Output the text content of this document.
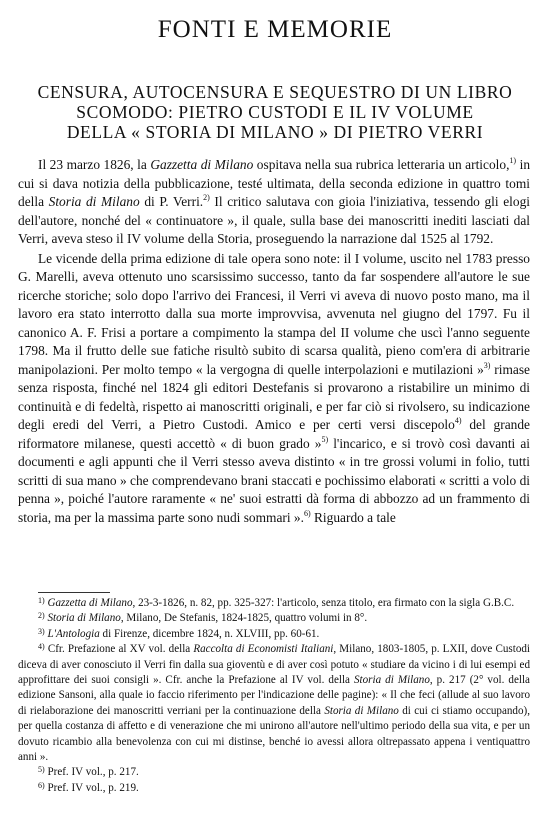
FONTI E MEMORIE
CENSURA, AUTOCENSURA E SEQUESTRO DI UN LIBRO
SCOMODO: PIETRO CUSTODI E IL IV VOLUME
DELLA « STORIA DI MILANO » DI PIETRO VERRI

Il 23 marzo 1826, la Gazzetta di Milano ospitava nella sua rubrica letteraria un articolo,$^{1)}$ in cui si dava notizia della pubblicazione, testé ultimata, della seconda edizione in quattro tomi della Storia di Milano di P. Verri.$^{2)}$ Il critico salutava con gioia l'iniziativa, tessendo gli elogi dell'autore, nonché del « continuatore », il quale, sulla base dei manoscritti inediti lasciati dal Verri, aveva steso il IV volume della Storia, proseguendo la narrazione dal 1525 al 1792.

Le vicende della prima edizione di tale opera sono note: il I volume, uscito nel 1783 presso G. Marelli, aveva ottenuto uno scarsissimo successo, tanto da far sospendere all'autore le sue ricerche storiche; solo dopo l'arrivo dei Francesi, il Verri vi aveva di nuovo posto mano, ma il lavoro era stato interrotto dalla sua morte improvvisa, avvenuta nel giugno del 1797. Fu il canonico A. F. Frisi a portare a compimento la stampa del II volume che uscì l'anno seguente 1798. Ma il frutto delle sue fatiche risultò subito di scarsa qualità, pieno com'era di arbitrarie manipolazioni. Per molto tempo « la vergogna di quelle interpolazioni e mutilazioni »$^{3)}$ rimase senza risposta, finché nel 1824 gli editori Destefanis si provarono a ristabilire un minimo di continuità e di fedeltà, rispetto ai manoscritti originali, e per far ciò si rivolsero, su indicazione degli eredi del Verri, a Pietro Custodi. Amico e per certi versi discepolo$^{4)}$ del grande riformatore milanese, questi accettò « di buon grado »$^{5)}$ l'incarico, e si trovò così davanti ai documenti e agli appunti che il Verri stesso aveva distinto « in tre grossi volumi in folio, tutti scritti di sua mano » che comprendevano brani staccati e pochissimo elaborati « scritti a volo di penna », poiché l'autore raramente « ne' suoi estratti dà forma di abbozzo ad un frammento di storia, ma per la massima parte sono nudi sommari ».$^{6)}$ Riguardo a tale

$^{1)}$ Gazzetta di Milano, 23-3-1826, n. 82, pp. 325-327: l'articolo, senza titolo, era firmato con la sigla G.B.C.

$^{2)}$ Storia di Milano, Milano, De Stefanis, 1824-1825, quattro volumi in 8°.

$^{3)}$ L'Antologia di Firenze, dicembre 1824, n. XLVIII, pp. 60-61.

$^{4)}$ Cfr. Prefazione al XV vol. della Raccolta di Economisti Italiani, Milano, 1803-1805, p. LXII, dove Custodi diceva di aver conosciuto il Verri fin dalla sua gioventù e di aver così potuto « studiare da vicino i di lui esempi ed approfittare dei suoi consigli ». Cfr. anche la Prefazione al IV vol. della Storia di Milano, p. 217 (2° vol. della edizione Sansoni, alla quale io faccio riferimento per l'indicazione delle pagine): « Il che feci (allude al suo lavoro di rielaborazione dei manoscritti verriani per la continuazione della Storia di Milano di cui ci stiamo occupando), per quella costanza di affetto e di venerazione che mi unirono all'autore nell'ultimo periodo della sua vita, e per un dovuto ricambio alla benevolenza con cui mi distinse, benché io avessi allora oltrepassato appena i ventiquattro anni ».

$^{5)}$ Pref. IV vol., p. 217.

$^{6)}$ Pref. IV vol., p. 219.
